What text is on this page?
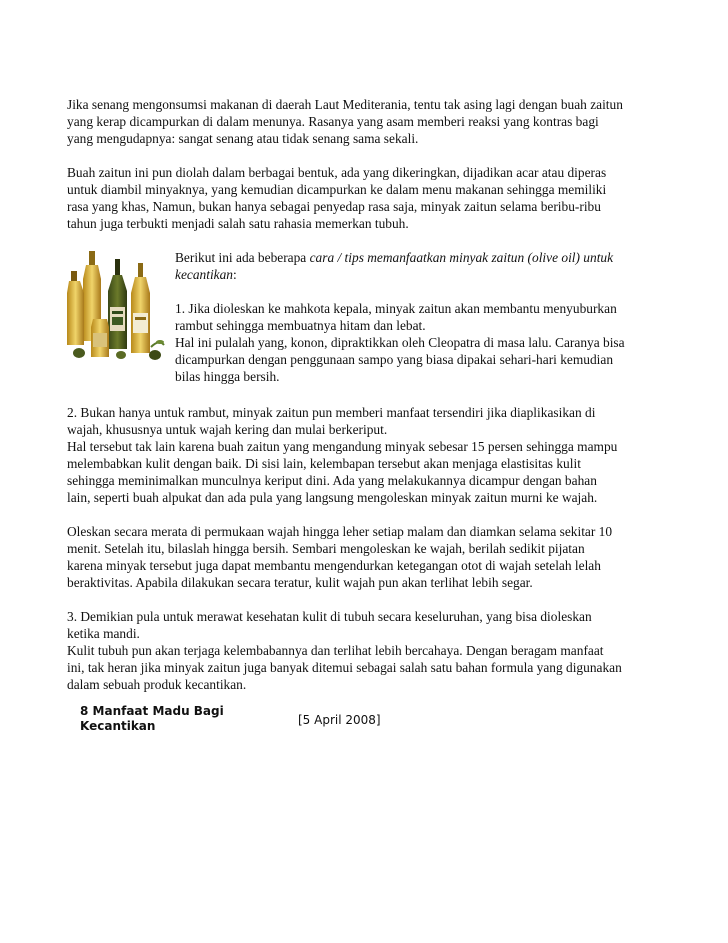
Jika senang mengonsumsi makanan di daerah Laut Mediterania, tentu tak asing lagi dengan buah zaitun
yang kerap dicampurkan di dalam menunya. Rasanya yang asam memberi reaksi yang kontras bagi
yang mengudapnya: sangat senang atau tidak senang sama sekali.

Buah zaitun ini pun diolah dalam berbagai bentuk, ada yang dikeringkan, dijadikan acar atau diperas
untuk diambil minyaknya, yang kemudian dicampurkan ke dalam menu makanan sehingga memiliki
rasa yang khas, Namun, bukan hanya sebagai penyedap rasa saja, minyak zaitun selama beribu-ribu
tahun juga terbukti menjadi salah satu rahasia memerkan tubuh.

Berikut ini ada beberapa cara / tips memanfaatkan minyak zaitun (olive oil) untuk
kecantikan:
1. Jika dioleskan ke mahkota kepala, minyak zaitun akan membantu menyuburkan
rambut sehingga membuatnya hitam dan lebat.
Hal ini pulalah yang, konon, dipraktikkan oleh Cleopatra di masa lalu. Caranya bisa
dicampurkan dengan penggunaan sampo yang biasa dipakai sehari-hari kemudian
bilas hingga bersih.

2. Bukan hanya untuk rambut, minyak zaitun pun memberi manfaat tersendiri jika diaplikasikan di
wajah, khususnya untuk wajah kering dan mulai berkeriput.
Hal tersebut tak lain karena buah zaitun yang mengandung minyak sebesar 15 persen sehingga mampu
melembabkan kulit dengan baik. Di sisi lain, kelembapan tersebut akan menjaga elastisitas kulit
sehingga meminimalkan munculnya keriput dini. Ada yang melakukannya dicampur dengan bahan
lain, seperti buah alpukat dan ada pula yang langsung mengoleskan minyak zaitun murni ke wajah.

Oleskan secara merata di permukaan wajah hingga leher setiap malam dan diamkan selama sekitar 10
menit. Setelah itu, bilaslah hingga bersih. Sembari mengoleskan ke wajah, berilah sedikit pijatan
karena minyak tersebut juga dapat membantu mengendurkan ketegangan otot di wajah setelah lelah
beraktivitas. Apabila dilakukan secara teratur, kulit wajah pun akan terlihat lebih segar.

3. Demikian pula untuk merawat kesehatan kulit di tubuh secara keseluruhan, yang bisa dioleskan
ketika mandi.
Kulit tubuh pun akan terjaga kelembabannya dan terlihat lebih bercahaya. Dengan beragam manfaat
ini, tak heran jika minyak zaitun juga banyak ditemui sebagai salah satu bahan formula yang digunakan
dalam sebuah produk kecantikan.

8 Manfaat Madu Bagi
Kecantikan	[5 April 2008]
